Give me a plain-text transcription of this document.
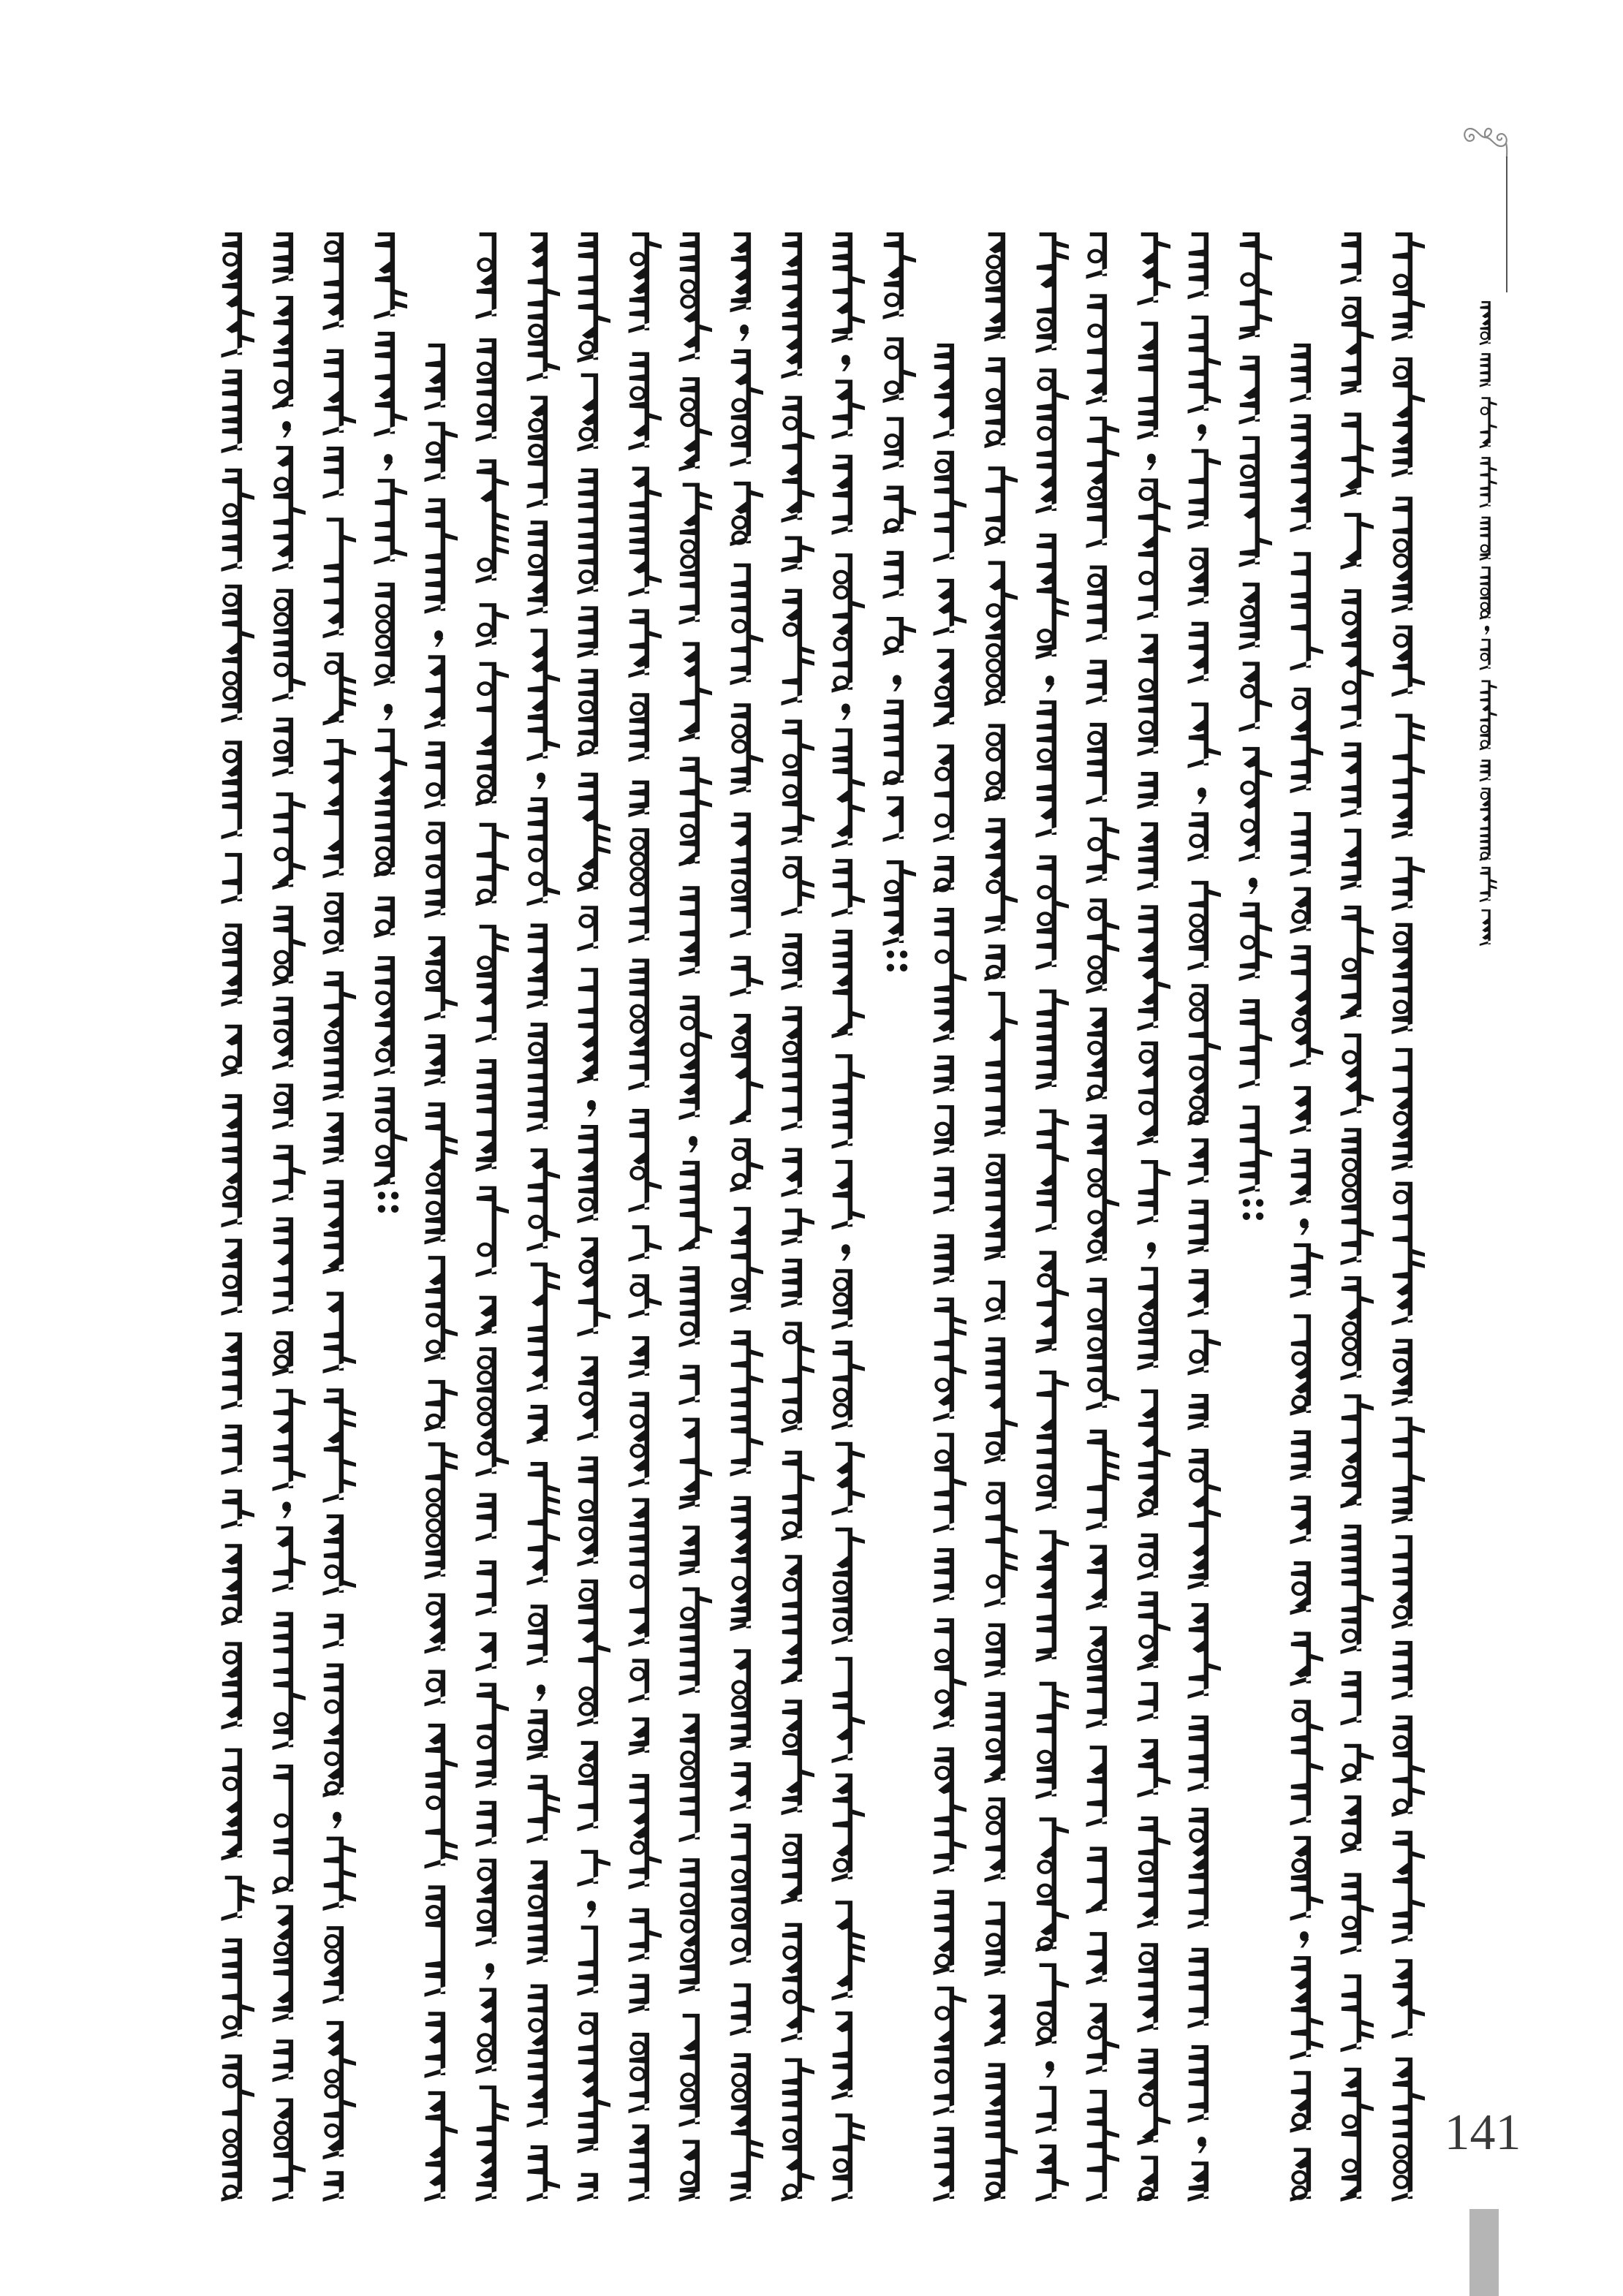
141
